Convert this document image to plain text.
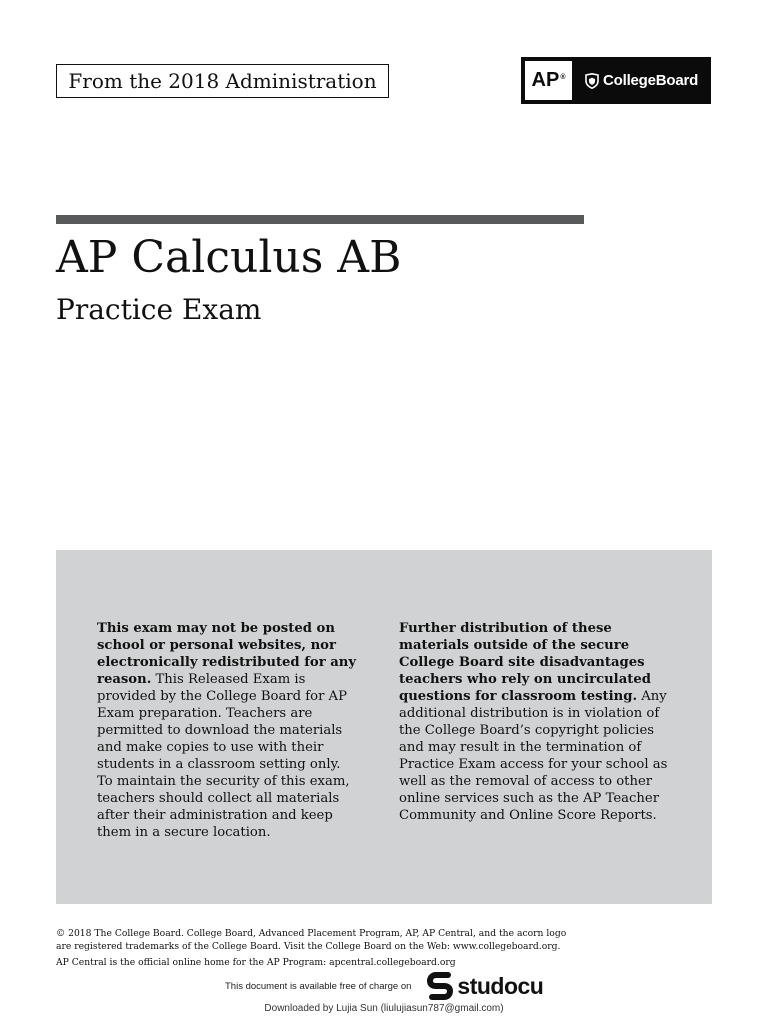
From the 2018 Administration	AP®	CollegeBoard
AP Calculus AB
Practice Exam

This exam may not be posted on school or personal websites, nor electronically redistributed for any reason. This Released Exam is provided by the College Board for AP Exam preparation. Teachers are permitted to download the materials and make copies to use with their students in a classroom setting only. To maintain the security of this exam, teachers should collect all materials after their administration and keep them in a secure location.

Further distribution of these materials outside of the secure College Board site disadvantages teachers who rely on uncirculated questions for classroom testing. Any additional distribution is in violation of the College Board’s copyright policies and may result in the termination of Practice Exam access for your school as well as the removal of access to other online services such as the AP Teacher Community and Online Score Reports.

© 2018 The College Board. College Board, Advanced Placement Program, AP, AP Central, and the acorn logo

are registered trademarks of the College Board. Visit the College Board on the Web: www.collegeboard.org.

AP Central is the official online home for the AP Program: apcentral.collegeboard.org

This document is available free of charge on studocu
Downloaded by Lujia Sun (liulujiasun787@gmail.com)
